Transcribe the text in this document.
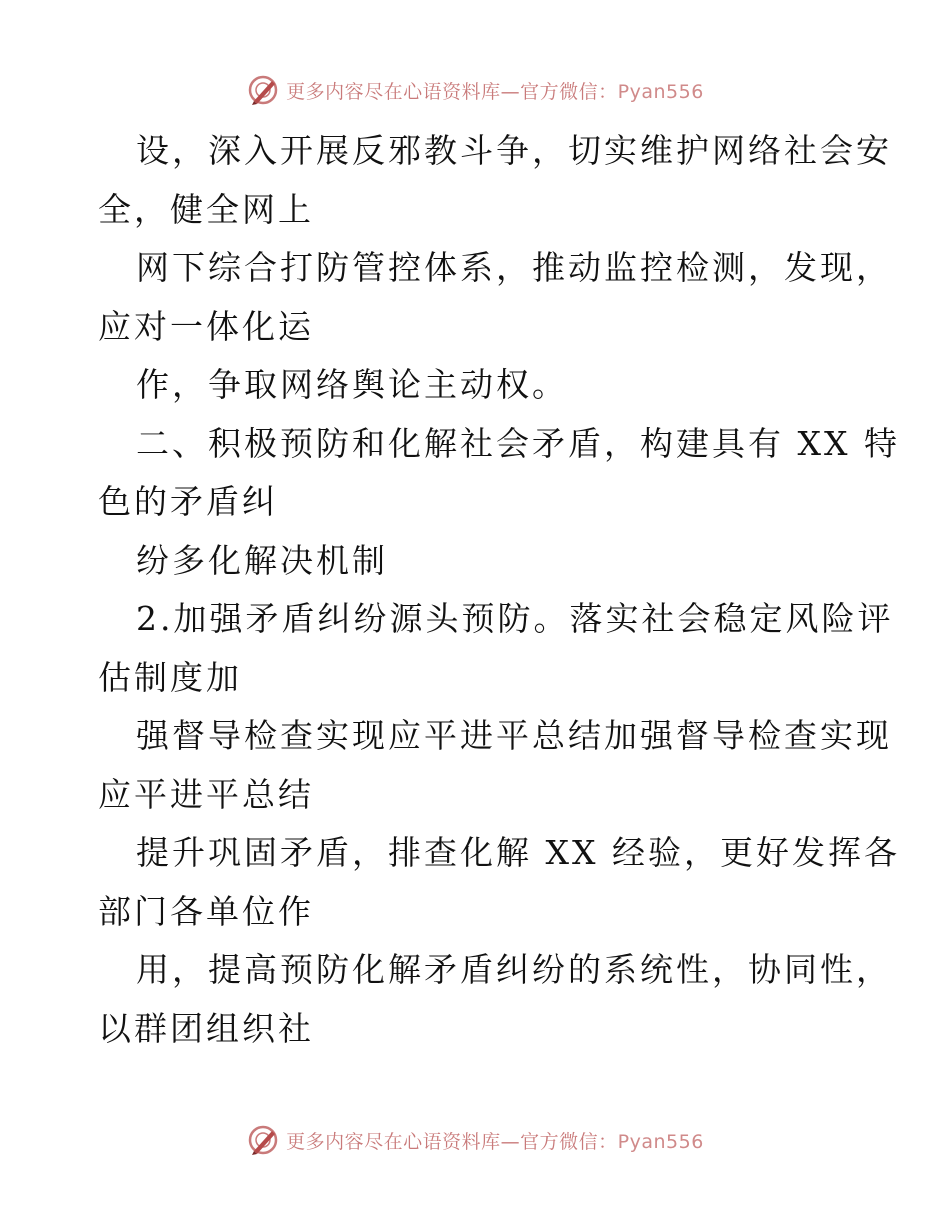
更多内容尽在心语资料库—官方微信：Pyan556
设，深入开展反邪教斗争，切实维护网络社会安
全，健全网上
网下综合打防管控体系，推动监控检测，发现，
应对一体化运
作，争取网络舆论主动权。
二、积极预防和化解社会矛盾，构建具有 XX 特
色的矛盾纠
纷多化解决机制
2.加强矛盾纠纷源头预防。落实社会稳定风险评
估制度加
强督导检查实现应平进平总结加强督导检查实现
应平进平总结
提升巩固矛盾，排查化解 XX 经验，更好发挥各
部门各单位作
用，提高预防化解矛盾纠纷的系统性，协同性，
以群团组织社
更多内容尽在心语资料库—官方微信：Pyan556
